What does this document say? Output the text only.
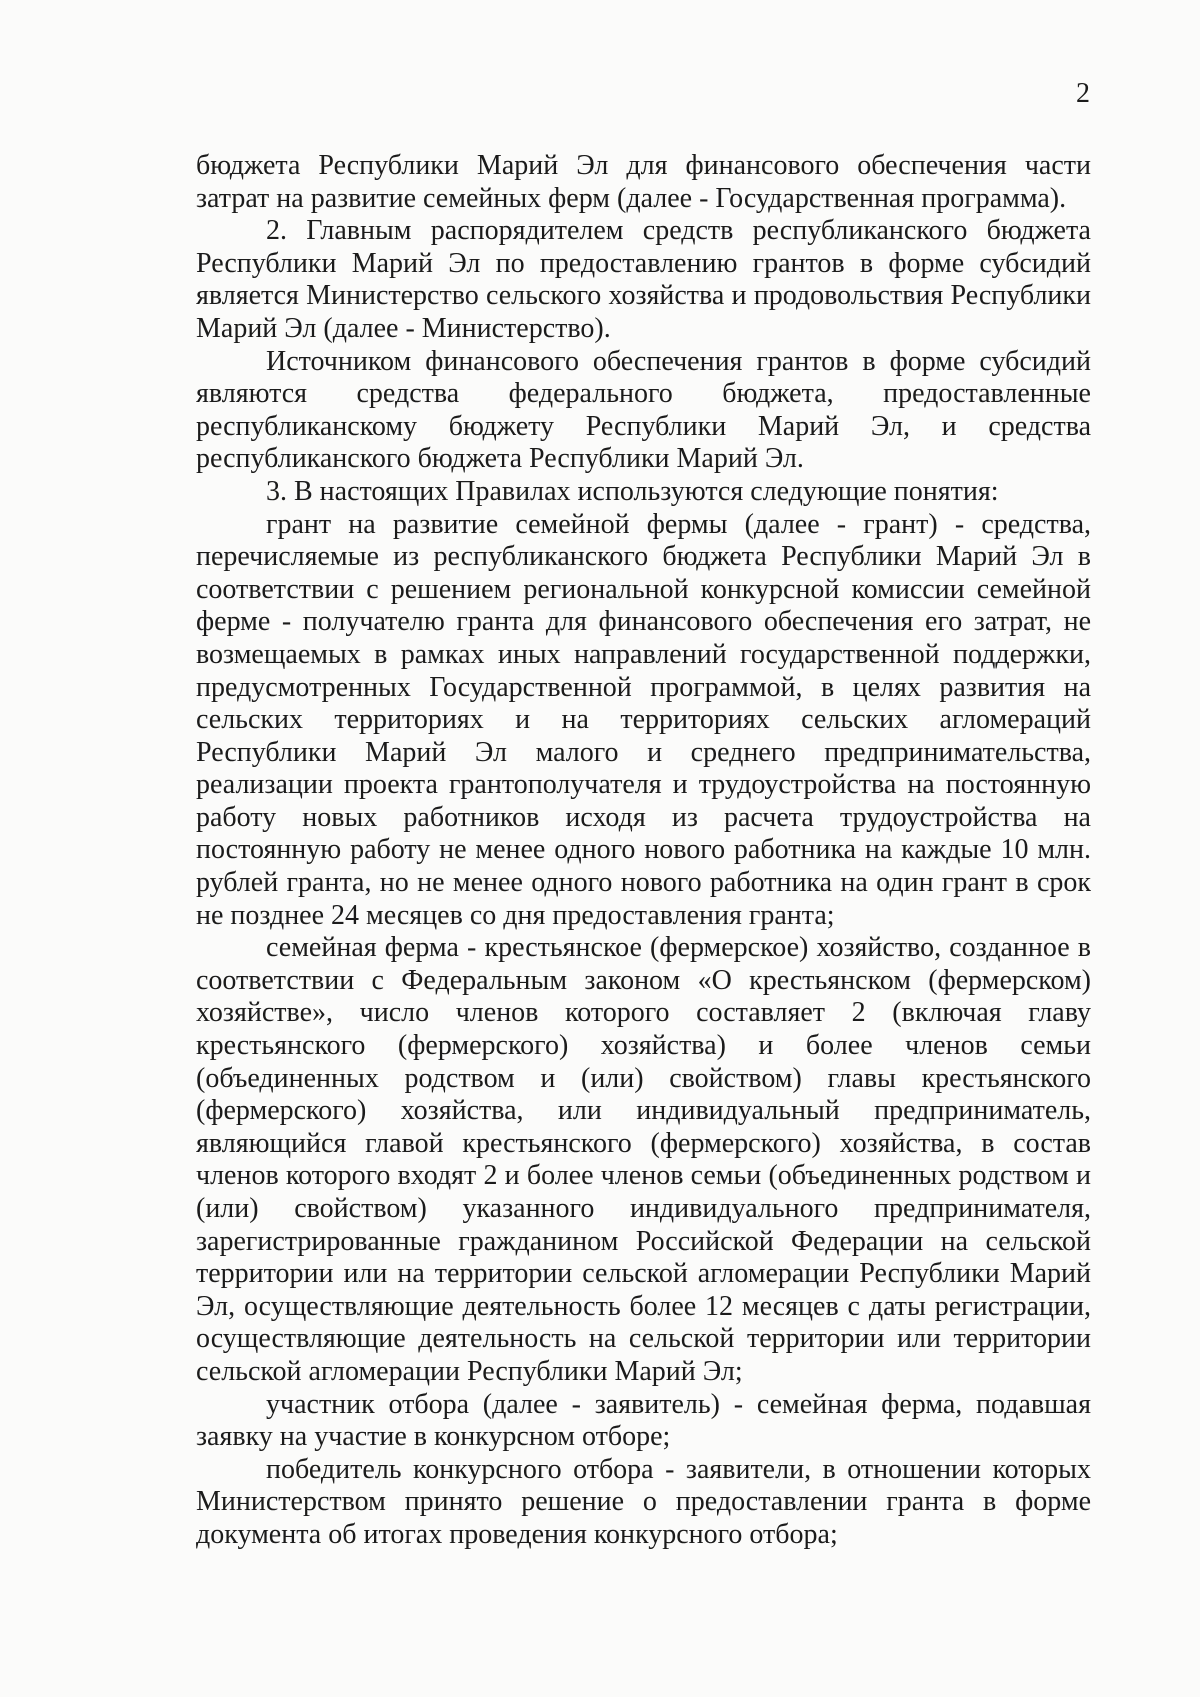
2

бюджета Республики Марий Эл для финансового обеспечения части затрат на развитие семейных ферм (далее - Государственная программа).

2. Главным распорядителем средств республиканского бюджета Республики Марий Эл по предоставлению грантов в форме субсидий является Министерство сельского хозяйства и продовольствия Республики Марий Эл (далее - Министерство).

Источником финансового обеспечения грантов в форме субсидий являются средства федерального бюджета, предоставленные республиканскому бюджету Республики Марий Эл, и средства республиканского бюджета Республики Марий Эл.

3. В настоящих Правилах используются следующие понятия:

грант на развитие семейной фермы (далее - грант) - средства, перечисляемые из республиканского бюджета Республики Марий Эл в соответствии с решением региональной конкурсной комиссии семейной ферме - получателю гранта для финансового обеспечения его затрат, не возмещаемых в рамках иных направлений государственной поддержки, предусмотренных Государственной программой, в целях развития на сельских территориях и на территориях сельских агломераций Республики Марий Эл малого и среднего предпринимательства, реализации проекта грантополучателя и трудоустройства на постоянную работу новых работников исходя из расчета трудоустройства на постоянную работу не менее одного нового работника на каждые 10 млн. рублей гранта, но не менее одного нового работника на один грант в срок не позднее 24 месяцев со дня предоставления гранта;

семейная ферма - крестьянское (фермерское) хозяйство, созданное в соответствии с Федеральным законом «О крестьянском (фермерском) хозяйстве», число членов которого составляет 2 (включая главу крестьянского (фермерского) хозяйства) и более членов семьи (объединенных родством и (или) свойством) главы крестьянского (фермерского) хозяйства, или индивидуальный предприниматель, являющийся главой крестьянского (фермерского) хозяйства, в состав членов которого входят 2 и более членов семьи (объединенных родством и (или) свойством) указанного индивидуального предпринимателя, зарегистрированные гражданином Российской Федерации на сельской территории или на территории сельской агломерации Республики Марий Эл, осуществляющие деятельность более 12 месяцев с даты регистрации, осуществляющие деятельность на сельской территории или территории сельской агломерации Республики Марий Эл;

участник отбора (далее - заявитель) - семейная ферма, подавшая заявку на участие в конкурсном отборе;

победитель конкурсного отбора - заявители, в отношении которых Министерством принято решение о предоставлении гранта в форме документа об итогах проведения конкурсного отбора;
